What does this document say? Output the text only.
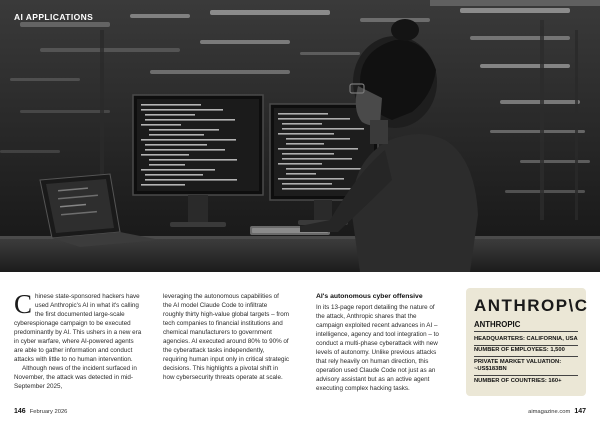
AI APPLICATIONS

Chinese state-sponsored hackers have used Anthropic's AI in what it's calling the first documented large-scale cyberespionage campaign to be executed predominantly by AI. This ushers in a new era in cyber warfare, where AI-powered agents are able to gather information and conduct attacks with little to no human intervention.

Although news of the incident surfaced in November, the attack was detected in mid-September 2025,

leveraging the autonomous capabilities of the AI model Claude Code to infiltrate roughly thirty high-value global targets – from tech companies to financial institutions and chemical manufacturers to government agencies. AI executed around 80% to 90% of the cyberattack tasks independently, requiring human input only in critical strategic decisions. This highlights a pivotal shift in how cybersecurity threats operate at scale.

AI's autonomous cyber offensive

In its 13-page report detailing the nature of the attack, Anthropic shares that the campaign exploited recent advances in AI – intelligence, agency and tool integration – to conduct a multi-phase cyberattack with new levels of autonomy. Unlike previous attacks that rely heavily on human direction, this operation used Claude Code not just as an advisory assistant but as an active agent executing complex hacking tasks.

ANTHROP\C
ANTHROPIC
HEADQUARTERS: CALIFORNIA, USA
NUMBER OF EMPLOYEES: 1,500
PRIVATE MARKET VALUATION: ~US$183BN
NUMBER OF COUNTRIES: 160+
146 February 2026	aimagazine.com 147
